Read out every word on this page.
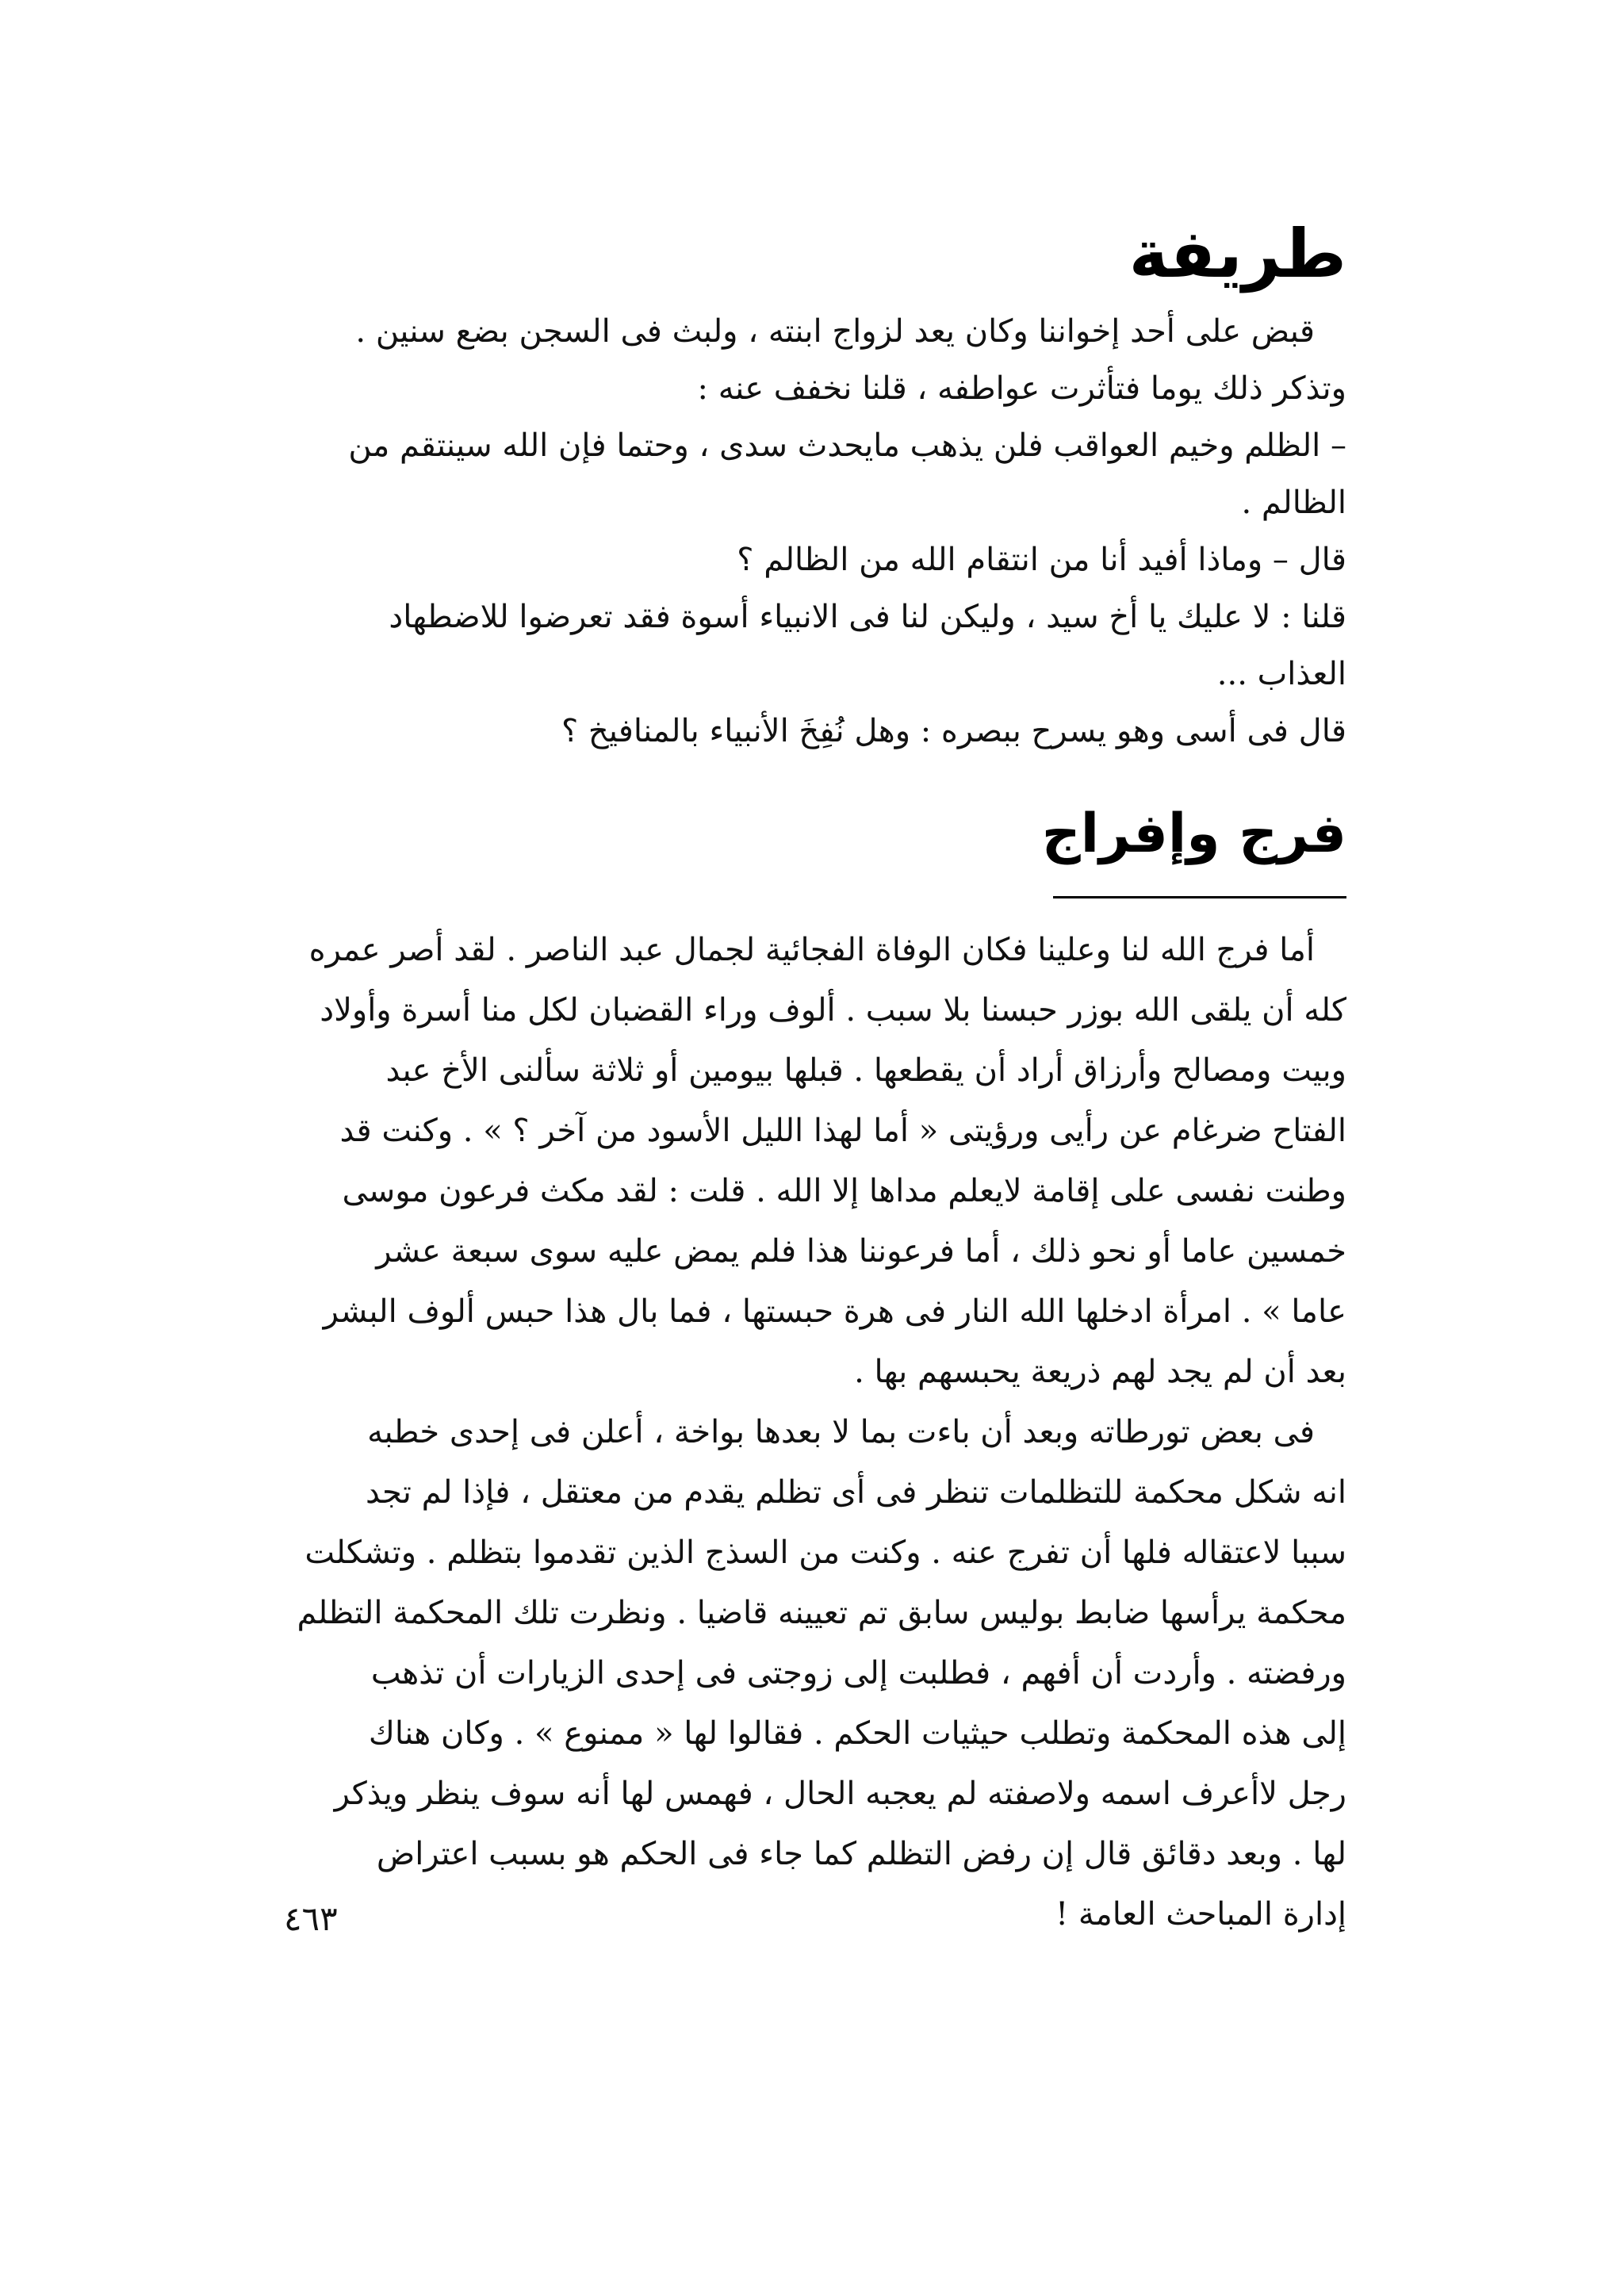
طريفة
قبض على أحد إخواننا وكان يعد لزواج ابنته ، ولبث فى السجن بضع سنين .
وتذكر ذلك يوما فتأثرت عواطفه ، قلنا نخفف عنه :
– الظلم وخيم العواقب فلن يذهب مايحدث سدى ، وحتما فإن الله سينتقم من
الظالم .
قال – وماذا أفيد أنا من انتقام الله من الظالم ؟
قلنا : لا عليك يا أخ سيد ، وليكن لنا فى الانبياء أسوة فقد تعرضوا للاضطهاد
العذاب ...
قال فى أسى وهو يسرح ببصره : وهل نُفِخَ الأنبياء بالمنافيخ ؟
فرج وإفراج
أما فرج الله لنا وعلينا فكان الوفاة الفجائية لجمال عبد الناصر . لقد أصر عمره
كله أن يلقى الله بوزر حبسنا بلا سبب . ألوف وراء القضبان لكل منا أسرة وأولاد
وبيت ومصالح وأرزاق أراد أن يقطعها . قبلها بيومين أو ثلاثة سألنى الأخ عبد
الفتاح ضرغام عن رأيى ورؤيتى « أما لهذا الليل الأسود من آخر ؟ » . وكنت قد
وطنت نفسى على إقامة لايعلم مداها إلا الله . قلت : لقد مكث فرعون موسى
خمسين عاما أو نحو ذلك ، أما فرعوننا هذا فلم يمض عليه سوى سبعة عشر
عاما » . امرأة ادخلها الله النار فى هرة حبستها ، فما بال هذا حبس ألوف البشر
بعد أن لم يجد لهم ذريعة يحبسهم بها .
فى بعض تورطاته وبعد أن باءت بما لا بعدها بواخة ، أعلن فى إحدى خطبه
انه شكل محكمة للتظلمات تنظر فى أى تظلم يقدم من معتقل ، فإذا لم تجد
سببا لاعتقاله فلها أن تفرج عنه . وكنت من السذج الذين تقدموا بتظلم . وتشكلت
محكمة يرأسها ضابط بوليس سابق تم تعيينه قاضيا . ونظرت تلك المحكمة التظلم
ورفضته . وأردت أن أفهم ، فطلبت إلى زوجتى فى إحدى الزيارات أن تذهب
إلى هذه المحكمة وتطلب حيثيات الحكم . فقالوا لها « ممنوع » . وكان هناك
رجل لاأعرف اسمه ولاصفته لم يعجبه الحال ، فهمس لها أنه سوف ينظر ويذكر
لها . وبعد دقائق قال إن رفض التظلم كما جاء فى الحكم هو بسبب اعتراض
إدارة المباحث العامة !
٤٦٣
